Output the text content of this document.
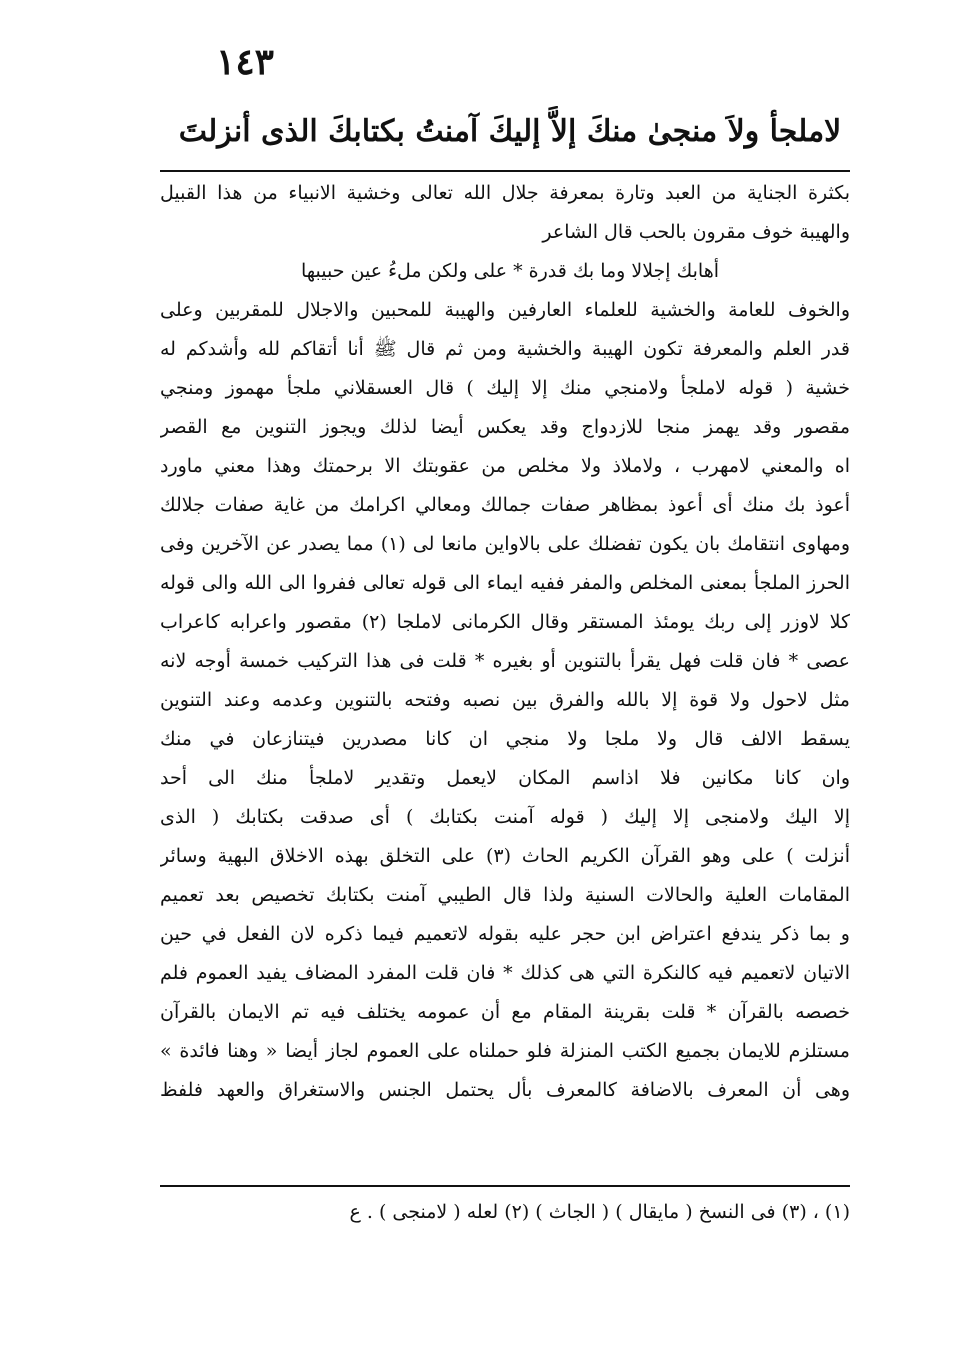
١٤٣
لاملجأ ولاَ منجىٰ منكَ إلاَّ إليكَ آمنتُ بكتابكَ الذى أنزلتَ
بكثرة الجناية من العبد وتارة بمعرفة جلال الله تعالى وخشية الانبياء من هذا القبيل
والهيبة خوف مقرون بالحب قال الشاعر
أهابك إجلالا وما بك قدرة * على ولكن ملءُ عين حبيبها
والخوف للعامة والخشية للعلماء العارفين والهيبة للمحبين والاجلال للمقربين وعلى
قدر العلم والمعرفة تكون الهيبة والخشية ومن ثم قال ﷺ أنا أتقاكم لله وأشدكم له
خشية ( قوله لاملجأ ولامنجي منك إلا إليك ) قال العسقلاني ملجأ مهموز ومنجي
مقصور وقد يهمز منجا للازدواج وقد يعكس أيضا لذلك ويجوز التنوين مع القصر
اه والمعني لامهرب ، ولاملاذ ولا مخلص من عقوبتك الا برحمتك وهذا معني ماورد
أعوذ بك منك أى أعوذ بمظاهر صفات جمالك ومعالي اكرامك من غاية صفات جلالك
ومهاوى انتقامك بان يكون تفضلك على بالاواين مانعا لى (١) مما يصدر عن الآخرين وفى
الحرز الملجأ بمعنى المخلص والمفر ففيه ايماء الى قوله تعالى ففروا الى الله والى قوله
كلا لاوزر إلى ربك يومئذ المستقر وقال الكرمانى لاملجا (٢) مقصور واعرابه كاعراب
عصى * فان قلت فهل يقرأ بالتنوين أو بغيره * قلت فى هذا التركيب خمسة أوجه لانه
مثل لاحول ولا قوة إلا بالله والفرق بين نصبه وفتحه بالتنوين وعدمه وعند التنوين
يسقط الالف قال ولا ملجا ولا منجي ان كانا مصدرين فيتنازعان في منك
وان كانا مكانين فلا اذاسم المكان لايعمل وتقدير لاملجأ منك الى أحد
إلا اليك ولامنجى إلا إليك ( قوله آمنت بكتابك ) أى صدقت بكتابك ( الذى
أنزلت ) على وهو القرآن الكريم الحاث (٣) على التخلق بهذه الاخلاق البهية وسائر
المقامات العلية والحالات السنية ولذا قال الطيبي آمنت بكتابك تخصيص بعد تعميم
و بما ذكر يندفع اعتراض ابن حجر عليه بقوله لاتعميم فيما ذكره لان الفعل في حين
الاتيان لاتعميم فيه كالنكرة التي هى كذلك * فان قلت المفرد المضاف يفيد العموم فلم
خصصه بالقرآن * قلت بقرينة المقام مع أن عمومه يختلف فيه تم الايمان بالقرآن
مستلزم للايمان بجميع الكتب المنزلة فلو حملناه على العموم لجاز أيضا « وهنا فائدة »
وهى أن المعرف بالاضافة كالمعرف بأل يحتمل الجنس والاستغراق والعهد فلفظ
(١) ، (٣) فى النسخ ( مايقال ) ( الجاث ) (٢) لعله ( لامنجى ) . ع
